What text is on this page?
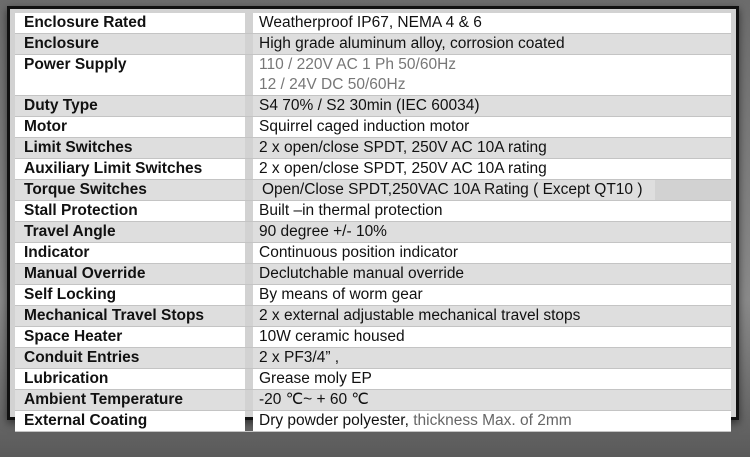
Enclosure Rated	Weatherproof IP67, NEMA 4 & 6
Enclosure	High grade aluminum alloy, corrosion coated
Power Supply	110 / 220V AC 1 Ph 50/60Hz
12 / 24V DC 50/60Hz
Duty Type	S4 70% / S2 30min (IEC 60034)
Motor	Squirrel caged induction motor
Limit Switches	2 x open/close SPDT, 250V AC 10A rating
Auxiliary Limit Switches	2 x open/close SPDT, 250V AC 10A rating
Torque Switches	Open/Close SPDT,250VAC 10A Rating ( Except QT10 )
Stall Protection	Built –in thermal protection
Travel Angle	90 degree +/- 10%
Indicator	Continuous position indicator
Manual Override	Declutchable manual override
Self Locking	By means of worm gear
Mechanical Travel Stops	2 x external adjustable mechanical travel stops
Space Heater	10W ceramic housed
Conduit Entries	2 x PF3/4” ,
Lubrication	Grease moly EP
Ambient Temperature	-20 ℃~ + 60 ℃
External Coating	Dry powder polyester, thickness Max. of 2mm
